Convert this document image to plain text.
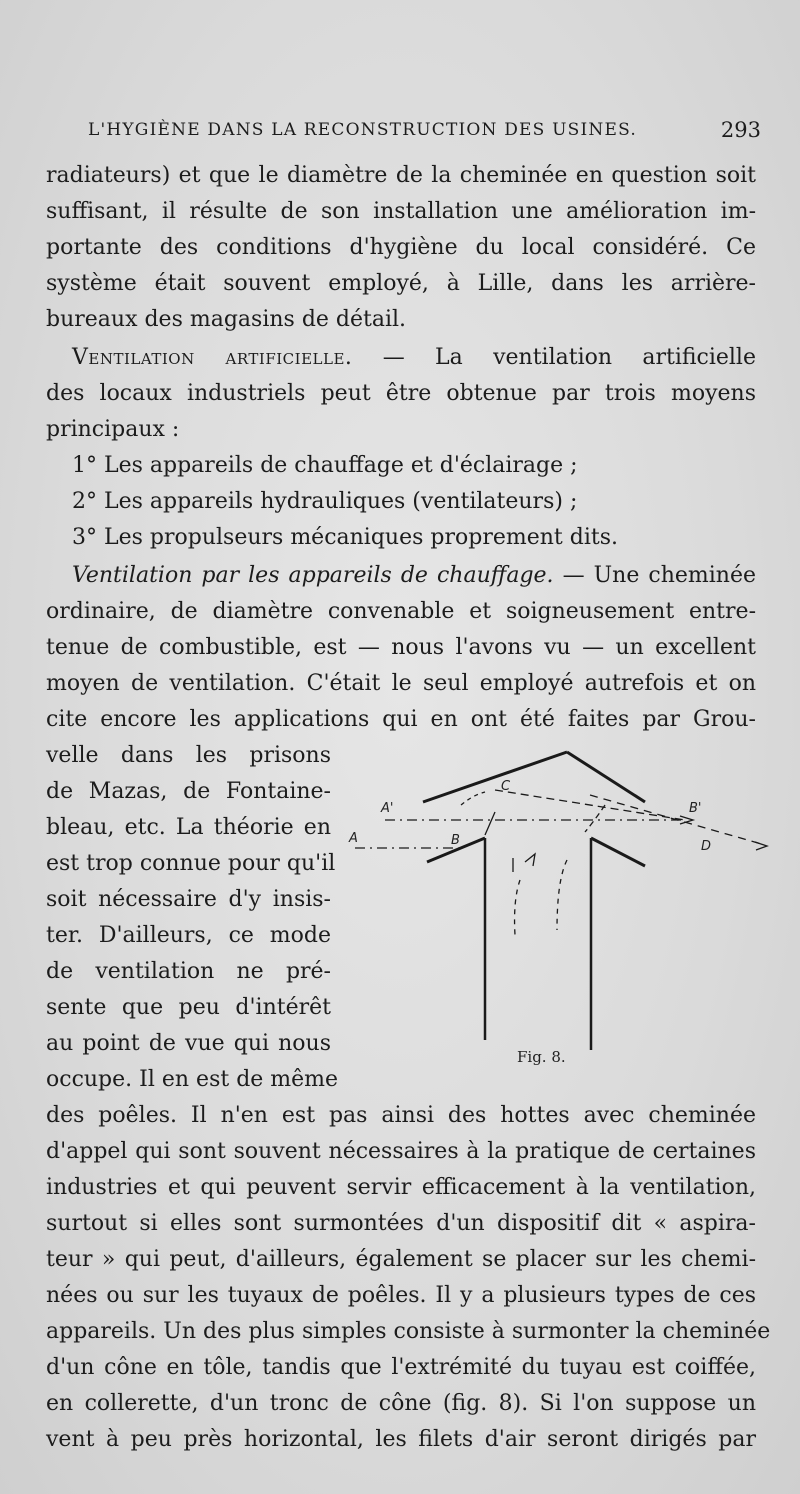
L'HYGIÈNE DANS LA RECONSTRUCTION DES USINES.	293
radiateurs) et que le diamètre de la cheminée en question soit
suffisant, il résulte de son installation une amélioration im-
portante des conditions d'hygiène du local considéré. Ce
système était souvent employé, à Lille, dans les arrière-
bureaux des magasins de détail.
Ventilation artificielle. — La ventilation artificielle
des locaux industriels peut être obtenue par trois moyens
principaux :
1° Les appareils de chauffage et d'éclairage ;
2° Les appareils hydrauliques (ventilateurs) ;
3° Les propulseurs mécaniques proprement dits.
Ventilation par les appareils de chauffage. — Une cheminée
ordinaire, de diamètre convenable et soigneusement entre-
tenue de combustible, est — nous l'avons vu — un excellent
moyen de ventilation. C'était le seul employé autrefois et on
cite encore les applications qui en ont été faites par Grou-
velle dans les prisons
de Mazas, de Fontaine-
bleau, etc. La théorie en
est trop connue pour qu'il
soit nécessaire d'y insis-
ter. D'ailleurs, ce mode
de ventilation ne pré-
sente que peu d'intérêt
au point de vue qui nous
occupe. Il en est de même
des poêles. Il n'en est pas ainsi des hottes avec cheminée
d'appel qui sont souvent nécessaires à la pratique de certaines
industries et qui peuvent servir efficacement à la ventilation,
surtout si elles sont surmontées d'un dispositif dit « aspira-
teur » qui peut, d'ailleurs, également se placer sur les chemi-
nées ou sur les tuyaux de poêles. Il y a plusieurs types de ces
appareils. Un des plus simples consiste à surmonter la cheminée
d'un cône en tôle, tandis que l'extrémité du tuyau est coiffée,
en collerette, d'un tronc de cône (fig. 8). Si l'on suppose un
vent à peu près horizontal, les filets d'air seront dirigés par
A'
A	B
B'
C
D
Fig. 8.
